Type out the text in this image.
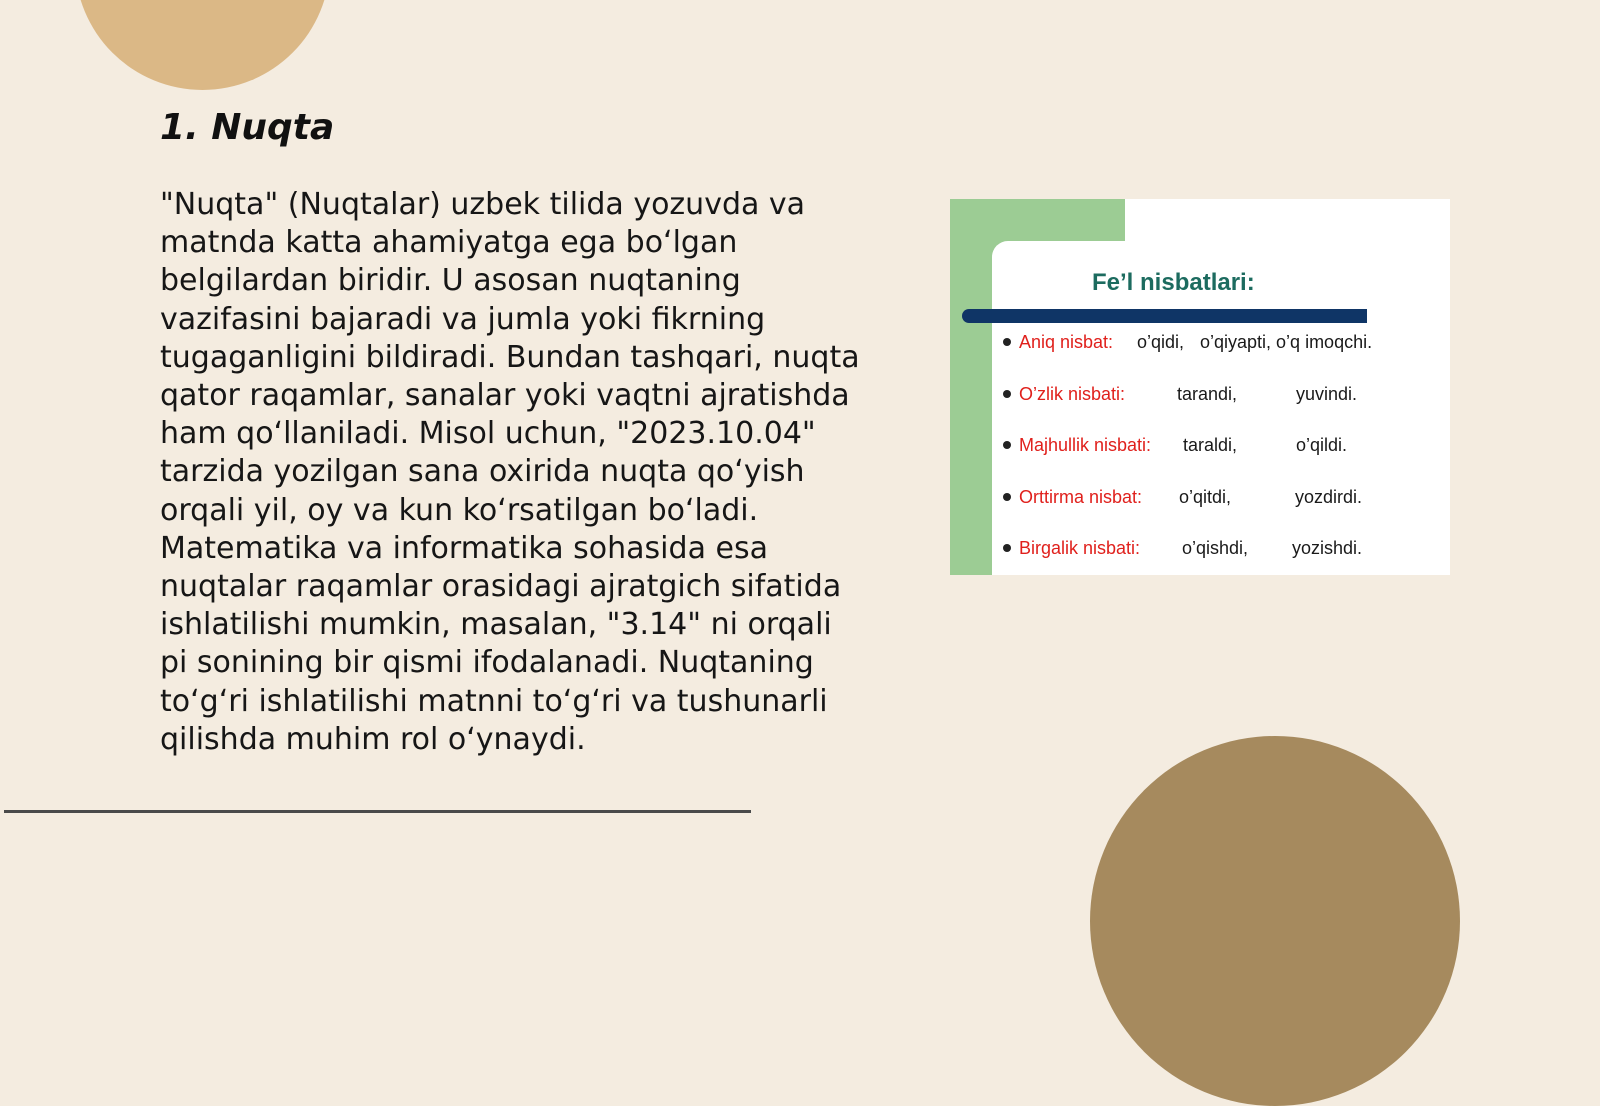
1. Nuqta

"Nuqta" (Nuqtalar) uzbek tilida yozuvda va matnda katta ahamiyatga ega boʻlgan belgilardan biridir. U asosan nuqtaning vazifasini bajaradi va jumla yoki fikrning tugaganligini bildiradi. Bundan tashqari, nuqta qator raqamlar, sanalar yoki vaqtni ajratishda ham qoʻllaniladi. Misol uchun, "2023.10.04" tarzida yozilgan sana oxirida nuqta qoʻyish orqali yil, oy va kun koʻrsatilgan boʻladi. Matematika va informatika sohasida esa nuqtalar raqamlar orasidagi ajratgich sifatida ishlatilishi mumkin, masalan, "3.14" ni orqali pi sonining bir qismi ifodalanadi. Nuqtaning toʻgʻri ishlatilishi matnni toʻgʻri va tushunarli qilishda muhim rol oʻynaydi.

Fe’l nisbatlari:
Aniq nisbat: o’qidi, o’qiyapti, o’q imoqchi.
O’zlik nisbati:	tarandi,	yuvindi.
Majhullik nisbati: taraldi,	o’qildi.
Orttirma nisbat: o’qitdi,	yozdirdi.
Birgalik nisbati: o’qishdi, yozishdi.
